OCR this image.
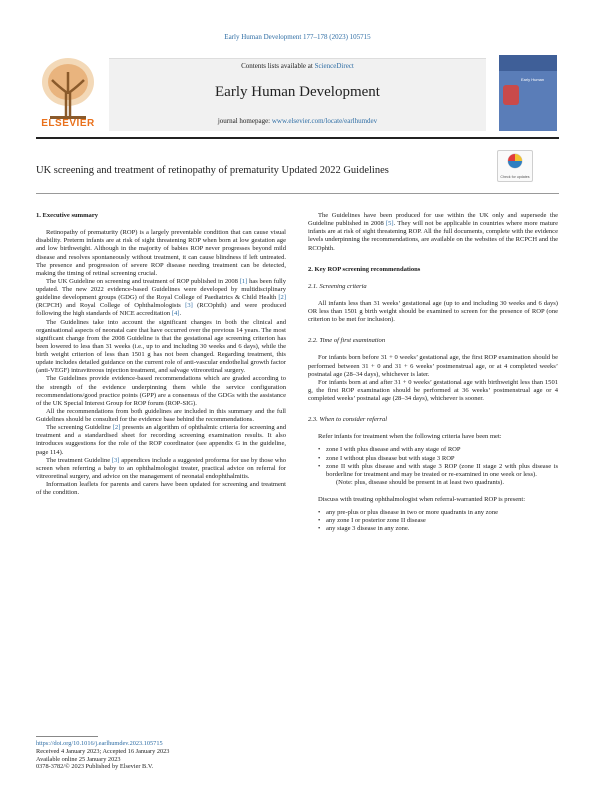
Early Human Development 177–178 (2023) 105715
ELSEVIER
Contents lists available at ScienceDirect
Early Human Development
journal homepage: www.elsevier.com/locate/earlhumdev
Early Human
UK screening and treatment of retinopathy of prematurity Updated 2022 Guidelines
Check for updates

1. Executive summary

Retinopathy of prematurity (ROP) is a largely preventable condition that can cause visual disability. Preterm infants are at risk of sight threatening ROP when born at low gestation age and low birthweight. Although in the majority of babies ROP never progresses beyond mild disease and resolves spontaneously without treatment, it can cause blindness if left untreated. The presence and progression of severe ROP disease needing treatment can be detected, making the timing of retinal screening crucial.

The UK Guideline on screening and treatment of ROP published in 2008 [1] has been fully updated. The new 2022 evidence-based Guidelines were developed by multidisciplinary guideline development groups (GDG) of the Royal College of Paediatrics & Child Health [2] (RCPCH) and Royal College of Ophthalmologists [3] (RCOphth) and were produced following the high standards of NICE accreditation [4].

The Guidelines take into account the significant changes in both the clinical and organisational aspects of neonatal care that have occurred over the previous 14 years. The most significant change from the 2008 Guideline is that the gestational age screening criterion has been lowered to less than 31 weeks (i.e., up to and including 30 weeks and 6 days), while the birth weight criterion of less than 1501 g has not been changed. Regarding treatment, this update includes detailed guidance on the current role of anti-vascular endothelial growth factor (anti-VEGF) intravitreous injection treatment, and salvage vitreoretinal surgery.

The Guidelines provide evidence-based recommendations which are graded according to the strength of the evidence underpinning them while the service configuration recommendations/good practice points (GPP) are a consensus of the GDGs with the assistance of the UK Special Interest Group for ROP forum (ROP-SIG).

All the recommendations from both guidelines are included in this summary and the full Guidelines should be consulted for the evidence base behind the recommendations.

The screening Guideline [2] presents an algorithm of ophthalmic criteria for screening and treatment and a standardised sheet for recording screening examination results. It also introduces suggestions for the role of the ROP coordinator (see appendix G in the guideline, page 114).

The treatment Guideline [3] appendices include a suggested proforma for use by those who screen when referring a baby to an ophthalmologist treater, practical advice on referral for vitreoretinal surgery, and advice on the management of neonatal endophthalmitis.

Information leaflets for parents and carers have been updated for screening and treatment of the condition.

The Guidelines have been produced for use within the UK only and supersede the Guideline published in 2008 [5]. They will not be applicable in countries where more mature infants are at risk of sight threatening ROP. All the full documents, complete with the evidence levels underpinning the recommendations, are available on the websites of the RCPCH and the RCOphth.

2. Key ROP screening recommendations

2.1. Screening criteria

All infants less than 31 weeks’ gestational age (up to and including 30 weeks and 6 days) OR less than 1501 g birth weight should be examined to screen for the presence of ROP (one criterion to be met for inclusion).

2.2. Time of first examination

For infants born before 31 + 0 weeks’ gestational age, the first ROP examination should be performed between 31 + 0 and 31 + 6 weeks’ postmenstrual age, or at 4 completed weeks’ postnatal age (28–34 days), whichever is later.

For infants born at and after 31 + 0 weeks’ gestational age with birthweight less than 1501 g, the first ROP examination should be performed at 36 weeks’ postmenstrual age or 4 completed weeks’ postnatal age (28–34 days), whichever is sooner.

2.3. When to consider referral

Refer infants for treatment when the following criteria have been met:

• zone I with plus disease and with any stage of ROP
• zone I without plus disease but with stage 3 ROP
• zone II with plus disease and with stage 3 ROP (zone II stage 2 with plus disease is borderline for treatment and may be treated or re-examined in one week or less).

(Note: plus, disease should be present in at least two quadrants).

Discuss with treating ophthalmologist when referral-warranted ROP is present:

• any pre-plus or plus disease in two or more quadrants in any zone
• any zone I or posterior zone II disease
• any stage 3 disease in any zone.
https://doi.org/10.1016/j.earlhumdev.2023.105715
Received 4 January 2023; Accepted 16 January 2023
Available online 25 January 2023
0378-3782/© 2023 Published by Elsevier B.V.
